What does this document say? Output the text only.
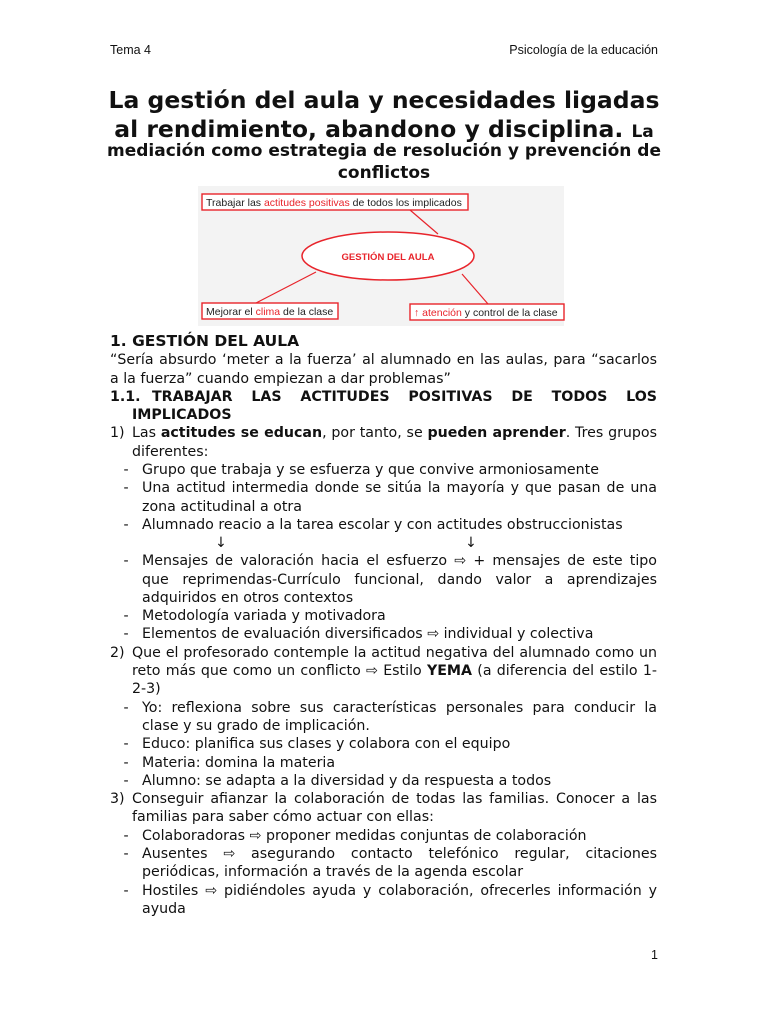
Tema 4	Psicología de la educación
La gestión del aula y necesidades ligadas al rendimiento, abandono y disciplina. La
mediación como estrategia de resolución y prevención de conflictos
Trabajar las actitudes positivas de todos los implicados
GESTIÓN DEL AULA
Mejorar el clima de la clase	↑ atención y control de la clase
1. GESTIÓN DEL AULA

“Sería absurdo ‘meter a la fuerza’ al alumnado en las aulas, para “sacarlos a la fuerza” cuando empiezan a dar problemas”

1.1. TRABAJAR LAS ACTITUDES POSITIVAS DE TODOS LOS
IMPLICADOS
1) Las actitudes se educan, por tanto, se pueden aprender. Tres grupos diferentes:
- Grupo que trabaja y se esfuerza y que convive armoniosamente
- Una actitud intermedia donde se sitúa la mayoría y que pasan de una zona actitudinal a otra
- Alumnado reacio a la tarea escolar y con actitudes obstruccionistas
↓	↓
- Mensajes de valoración hacia el esfuerzo ⇨ + mensajes de este tipo que reprimendas-Currículo funcional, dando valor a aprendizajes adquiridos en otros contextos
- Metodología variada y motivadora
- Elementos de evaluación diversificados ⇨ individual y colectiva
2) Que el profesorado contemple la actitud negativa del alumnado como un reto más que como un conflicto ⇨ Estilo YEMA (a diferencia del estilo 1-2-3)
- Yo: reflexiona sobre sus características personales para conducir la clase y su grado de implicación.
- Educo: planifica sus clases y colabora con el equipo
- Materia: domina la materia
- Alumno: se adapta a la diversidad y da respuesta a todos
3) Conseguir afianzar la colaboración de todas las familias. Conocer a las familias para saber cómo actuar con ellas:
- Colaboradoras ⇨ proponer medidas conjuntas de colaboración
- Ausentes ⇨ asegurando contacto telefónico regular, citaciones periódicas, información a través de la agenda escolar
- Hostiles ⇨ pidiéndoles ayuda y colaboración, ofrecerles información y ayuda
1
